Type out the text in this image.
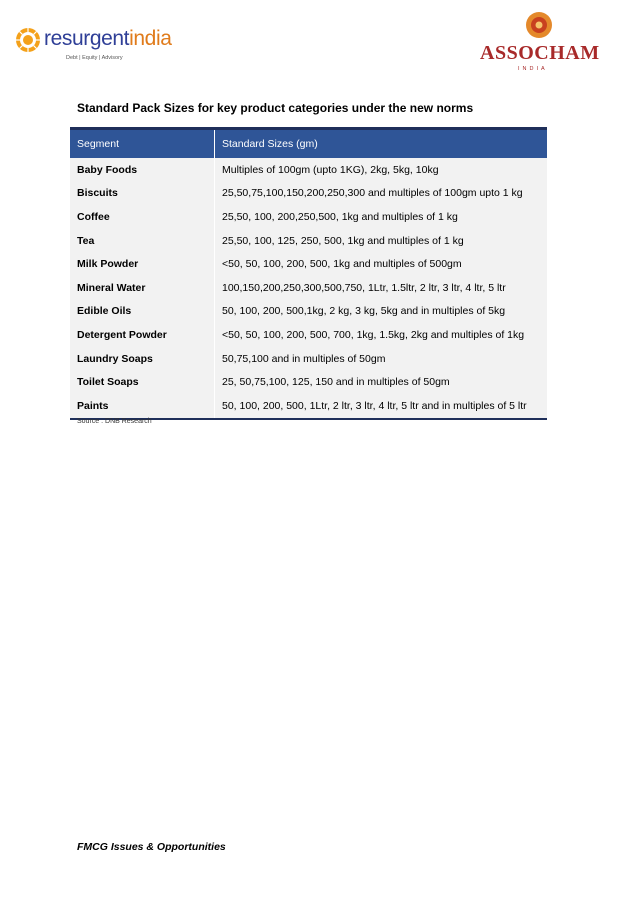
resurgentindia
Debt | Equity | Advisory	ASSOCHAM
INDIA
Standard Pack Sizes for key product categories under the new norms
Segment	Standard Sizes (gm)
Baby Foods	Multiples of 100gm (upto 1KG), 2kg, 5kg, 10kg
Biscuits	25,50,75,100,150,200,250,300 and multiples of 100gm upto 1 kg
Coffee	25,50, 100, 200,250,500, 1kg and multiples of 1 kg
Tea	25,50, 100, 125, 250, 500, 1kg and multiples of 1 kg
Milk Powder	<50, 50, 100, 200, 500, 1kg and multiples of 500gm
Mineral Water	100,150,200,250,300,500,750, 1Ltr, 1.5ltr, 2 ltr, 3 ltr, 4 ltr, 5 ltr
Edible Oils	50, 100, 200, 500,1kg, 2 kg, 3 kg, 5kg and in multiples of 5kg
Detergent Powder	<50, 50, 100, 200, 500, 700, 1kg, 1.5kg, 2kg and multiples of 1kg
Laundry Soaps	50,75,100 and in multiples of 50gm
Toilet Soaps	25, 50,75,100, 125, 150 and in multiples of 50gm
Paints	50, 100, 200, 500, 1Ltr, 2 ltr, 3 ltr, 4 ltr, 5 ltr and in multiples of 5 ltr
Source : DNB Research
FMCG Issues & Opportunities
